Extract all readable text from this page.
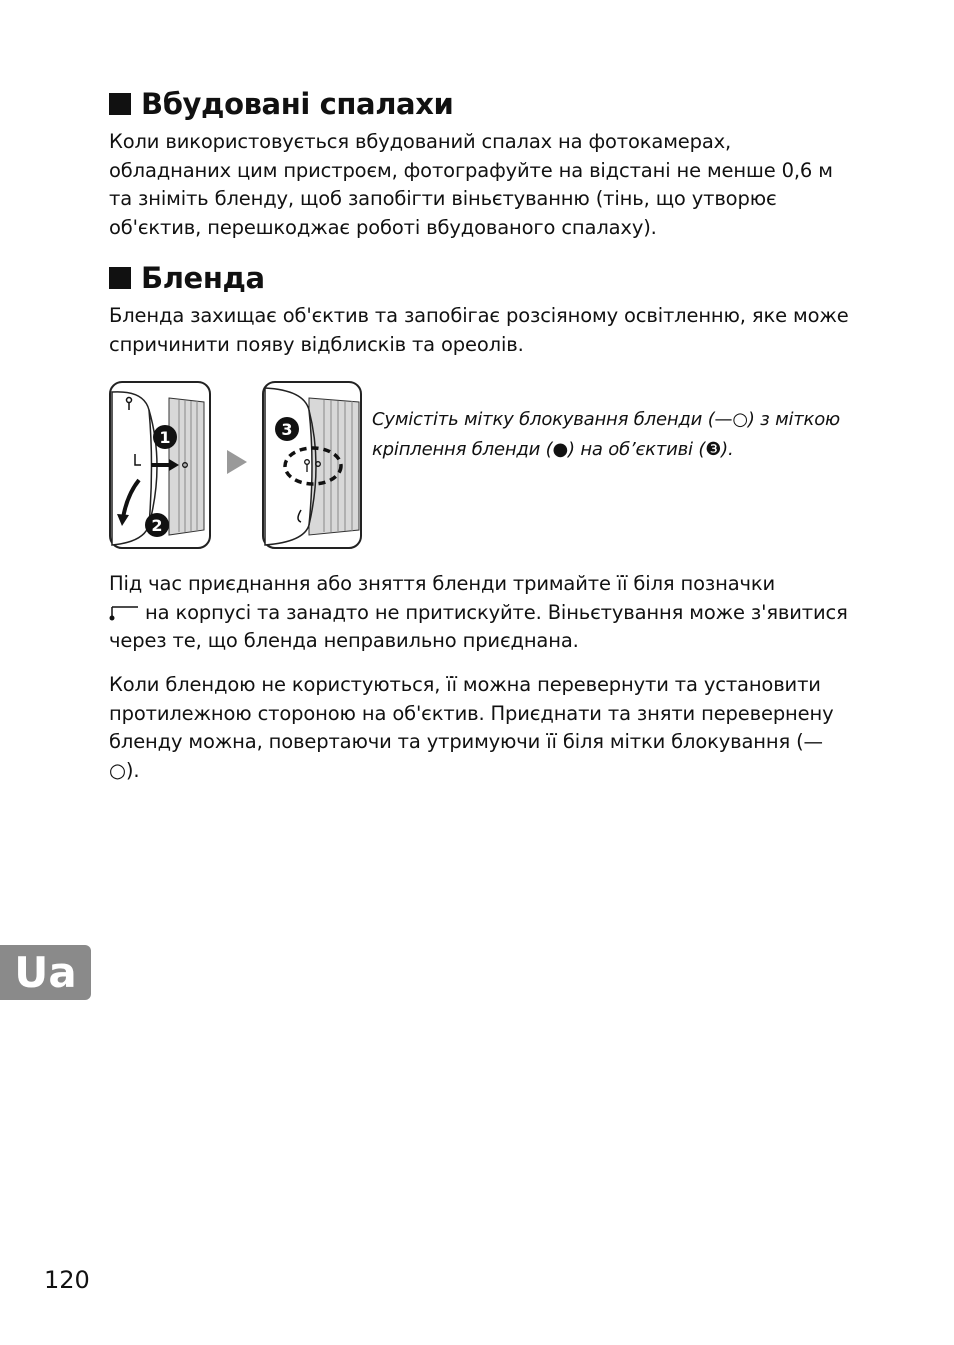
Вбудовані спалахи

Коли використовується вбудований спалах на фотокамерах, обладнаних цим пристроєм, фотографуйте на відстані не менше 0,6 м та зніміть бленду, щоб запобігти віньєтуванню (тінь, що утворює об'єктив, перешкоджає роботі вбудованого спалаху).

Бленда

Бленда захищає об'єктив та запобігає розсіяному освітленню, яке може спричинити появу відблисків та ореолів.

1
2
3	Сумістіть мітку блокування бленди (—○) з міткою кріплення бленди (●) на об’єктиві (❸).

Під час приєднання або зняття бленди тримайте її біля позначки
на корпусі та занадто не притискуйте. Віньєтування може з'явитися через те, що бленда неправильно приєднана.

Коли блендою не користуються, її можна перевернути та установити протилежною стороною на об'єктив. Приєднати та зняти перевернену бленду можна, повертаючи та утримуючи її біля мітки блокування (—○).

Ua
120
